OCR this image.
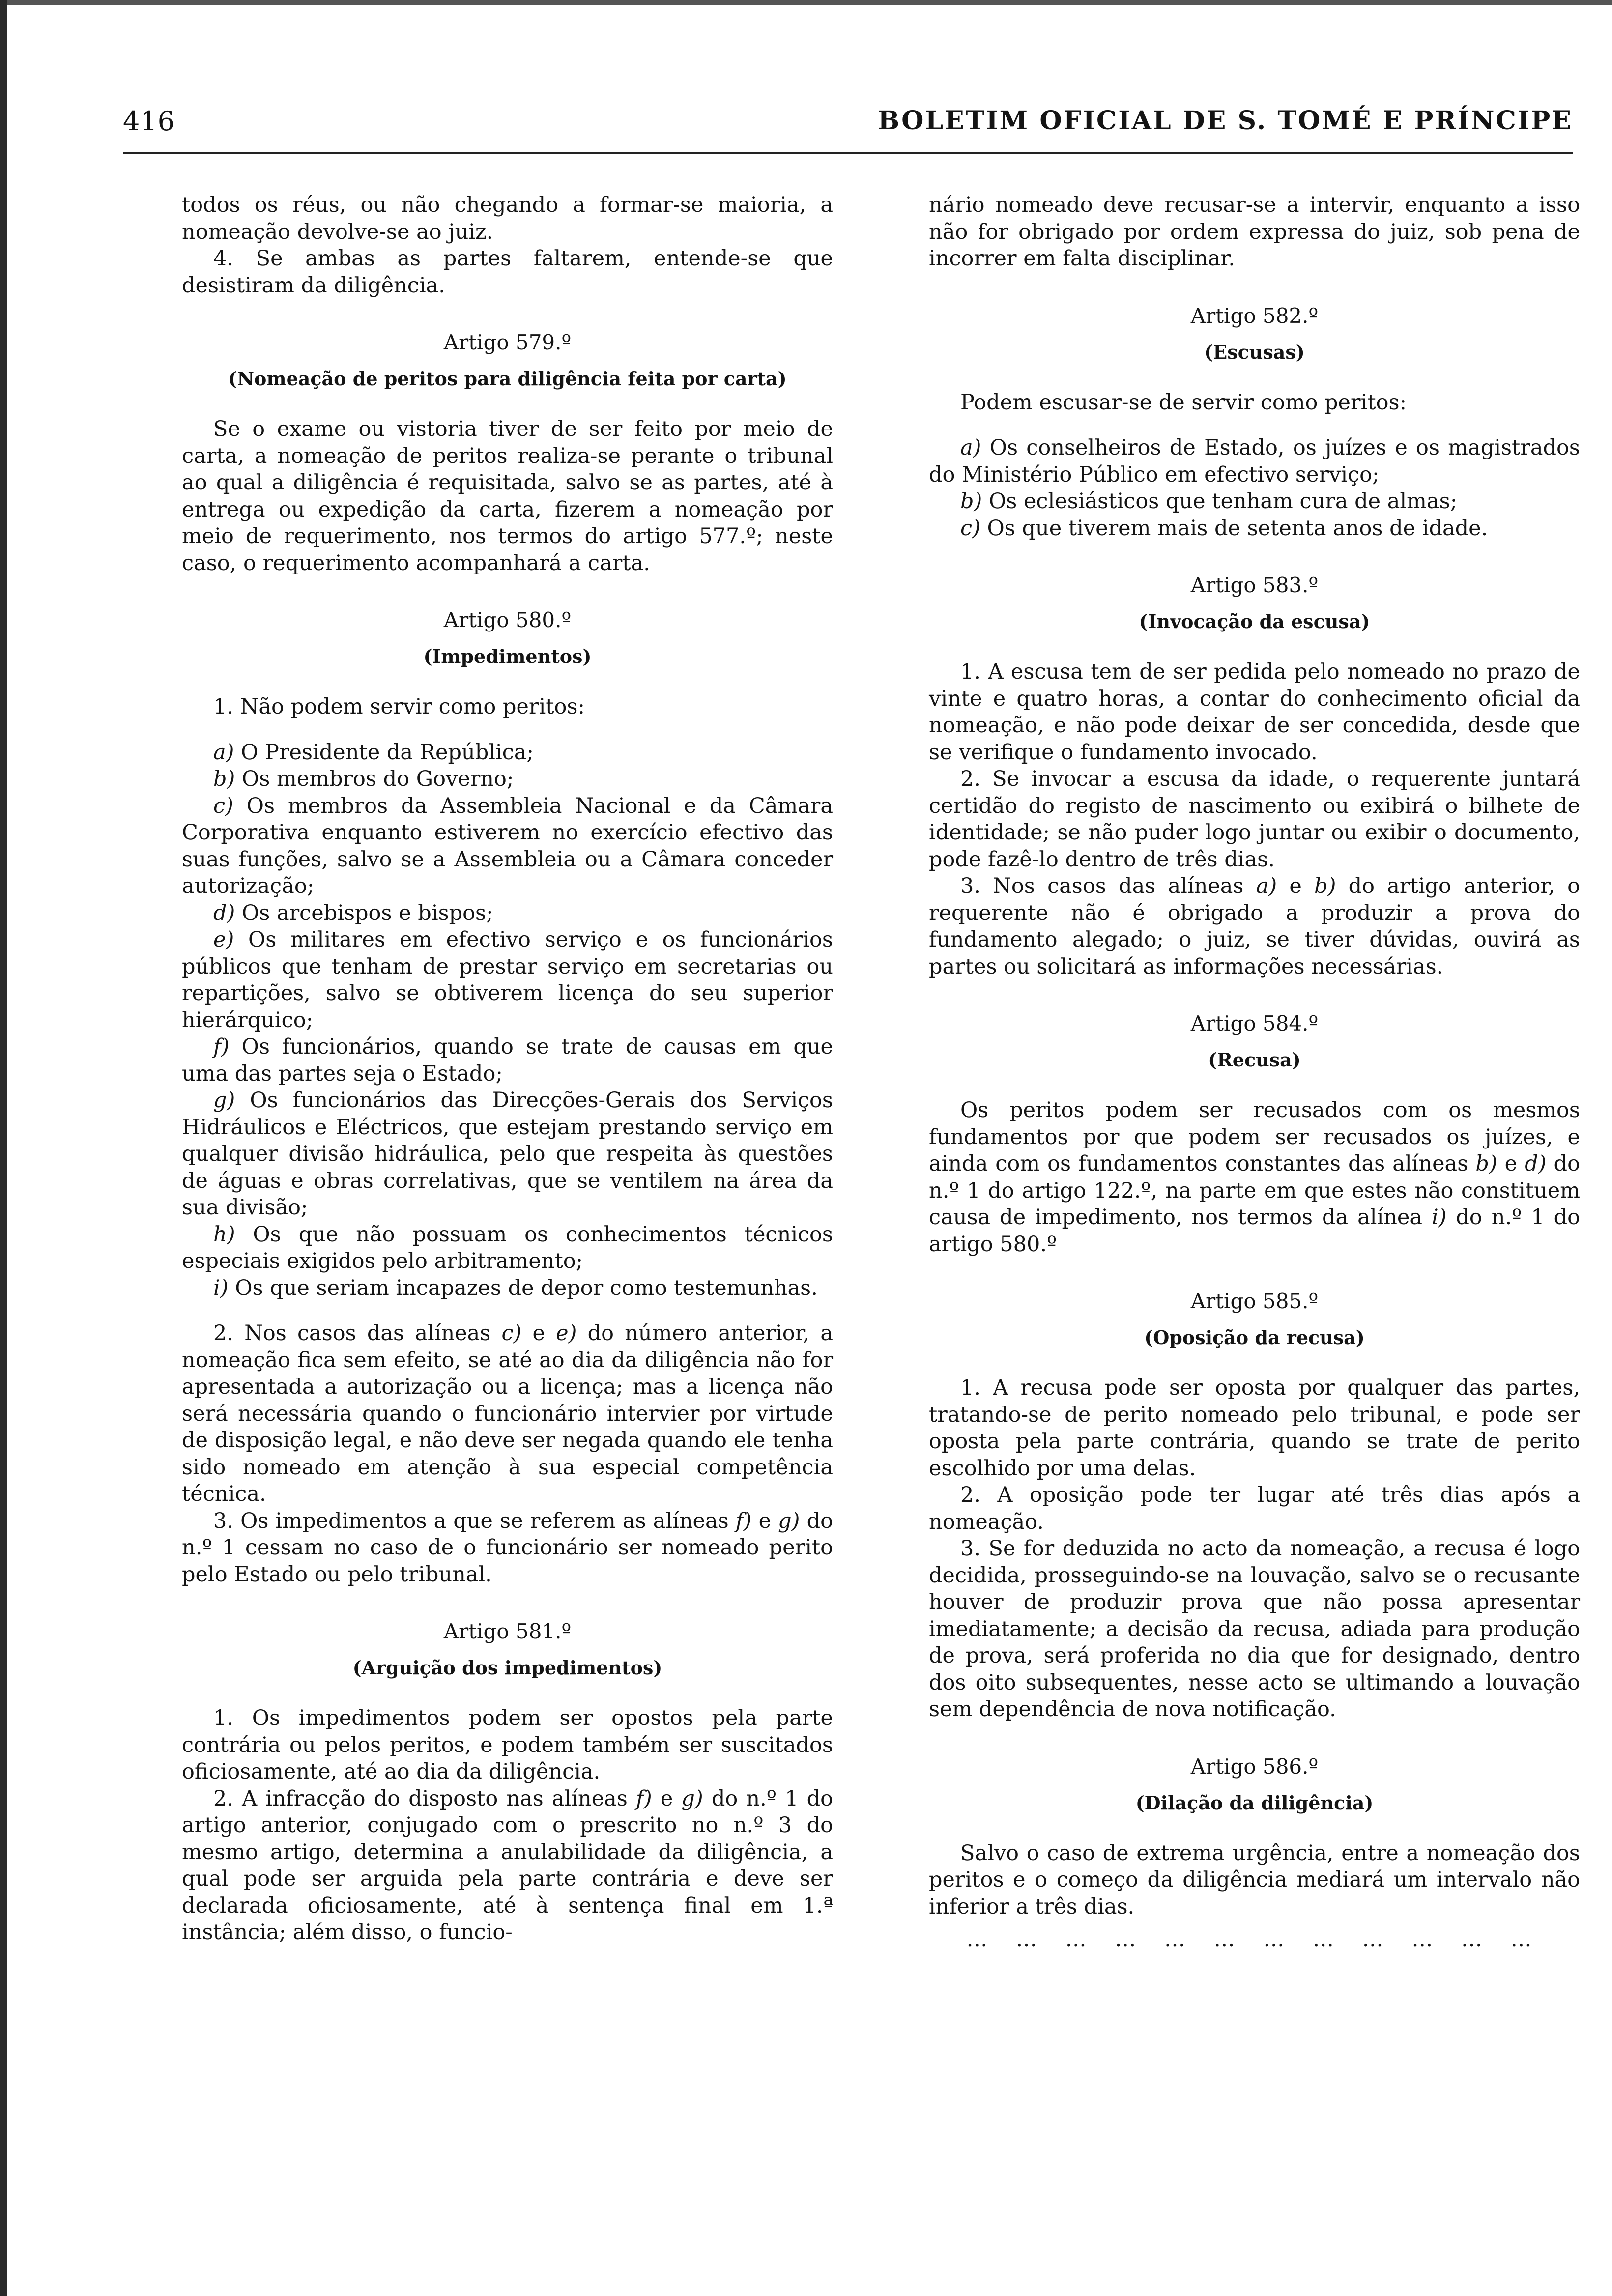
416	BOLETIM OFICIAL DE S. TOMÉ E PRÍNCIPE

todos os réus, ou não chegando a formar-se maioria, a nomeação devolve-se ao juiz.

4. Se ambas as partes faltarem, entende-se que desistiram da diligência.

Artigo 579.º
(Nomeação de peritos para diligência feita por carta)

Se o exame ou vistoria tiver de ser feito por meio de carta, a nomeação de peritos realiza-se perante o tribunal ao qual a diligência é requisitada, salvo se as partes, até à entrega ou expedição da carta, fizerem a nomeação por meio de requerimento, nos termos do artigo 577.º; neste caso, o requerimento acompanhará a carta.

Artigo 580.º
(Impedimentos)

1. Não podem servir como peritos:

a) O Presidente da República;

b) Os membros do Governo;

c) Os membros da Assembleia Nacional e da Câmara Corporativa enquanto estiverem no exercício efectivo das suas funções, salvo se a Assembleia ou a Câmara conceder autorização;

d) Os arcebispos e bispos;

e) Os militares em efectivo serviço e os funcionários públicos que tenham de prestar serviço em secretarias ou repartições, salvo se obtiverem licença do seu superior hierárquico;

f) Os funcionários, quando se trate de causas em que uma das partes seja o Estado;

g) Os funcionários das Direcções-Gerais dos Serviços Hidráulicos e Eléctricos, que estejam prestando serviço em qualquer divisão hidráulica, pelo que respeita às questões de águas e obras correlativas, que se ventilem na área da sua divisão;

h) Os que não possuam os conhecimentos técnicos especiais exigidos pelo arbitramento;

i) Os que seriam incapazes de depor como testemunhas.

2. Nos casos das alíneas c) e e) do número anterior, a nomeação fica sem efeito, se até ao dia da diligência não for apresentada a autorização ou a licença; mas a licença não será necessária quando o funcionário intervier por virtude de disposição legal, e não deve ser negada quando ele tenha sido nomeado em atenção à sua especial competência técnica.

3. Os impedimentos a que se referem as alíneas f) e g) do n.º 1 cessam no caso de o funcionário ser nomeado perito pelo Estado ou pelo tribunal.

Artigo 581.º
(Arguição dos impedimentos)

1. Os impedimentos podem ser opostos pela parte contrária ou pelos peritos, e podem também ser suscitados oficiosamente, até ao dia da diligência.

2. A infracção do disposto nas alíneas f) e g) do n.º 1 do artigo anterior, conjugado com o prescrito no n.º 3 do mesmo artigo, determina a anulabilidade da diligência, a qual pode ser arguida pela parte contrária e deve ser declarada oficiosamente, até à sentença final em 1.ª instância; além disso, o funcio-

nário nomeado deve recusar-se a intervir, enquanto a isso não for obrigado por ordem expressa do juiz, sob pena de incorrer em falta disciplinar.

Artigo 582.º
(Escusas)

Podem escusar-se de servir como peritos:

a) Os conselheiros de Estado, os juízes e os magistrados do Ministério Público em efectivo serviço;

b) Os eclesiásticos que tenham cura de almas;

c) Os que tiverem mais de setenta anos de idade.

Artigo 583.º
(Invocação da escusa)

1. A escusa tem de ser pedida pelo nomeado no prazo de vinte e quatro horas, a contar do conhecimento oficial da nomeação, e não pode deixar de ser concedida, desde que se verifique o fundamento invocado.

2. Se invocar a escusa da idade, o requerente juntará certidão do registo de nascimento ou exibirá o bilhete de identidade; se não puder logo juntar ou exibir o documento, pode fazê-lo dentro de três dias.

3. Nos casos das alíneas a) e b) do artigo anterior, o requerente não é obrigado a produzir a prova do fundamento alegado; o juiz, se tiver dúvidas, ouvirá as partes ou solicitará as informações necessárias.

Artigo 584.º
(Recusa)

Os peritos podem ser recusados com os mesmos fundamentos por que podem ser recusados os juízes, e ainda com os fundamentos constantes das alíneas b) e d) do n.º 1 do artigo 122.º, na parte em que estes não constituem causa de impedimento, nos termos da alínea i) do n.º 1 do artigo 580.º

Artigo 585.º
(Oposição da recusa)

1. A recusa pode ser oposta por qualquer das partes, tratando-se de perito nomeado pelo tribunal, e pode ser oposta pela parte contrária, quando se trate de perito escolhido por uma delas.

2. A oposição pode ter lugar até três dias após a nomeação.

3. Se for deduzida no acto da nomeação, a recusa é logo decidida, prosseguindo-se na louvação, salvo se o recusante houver de produzir prova que não possa apresentar imediatamente; a decisão da recusa, adiada para produção de prova, será proferida no dia que for designado, dentro dos oito subsequentes, nesse acto se ultimando a louvação sem dependência de nova notificação.

Artigo 586.º
(Dilação da diligência)

Salvo o caso de extrema urgência, entre a nomeação dos peritos e o começo da diligência mediará um intervalo não inferior a três dias.

… … … … … … … … … … … …
